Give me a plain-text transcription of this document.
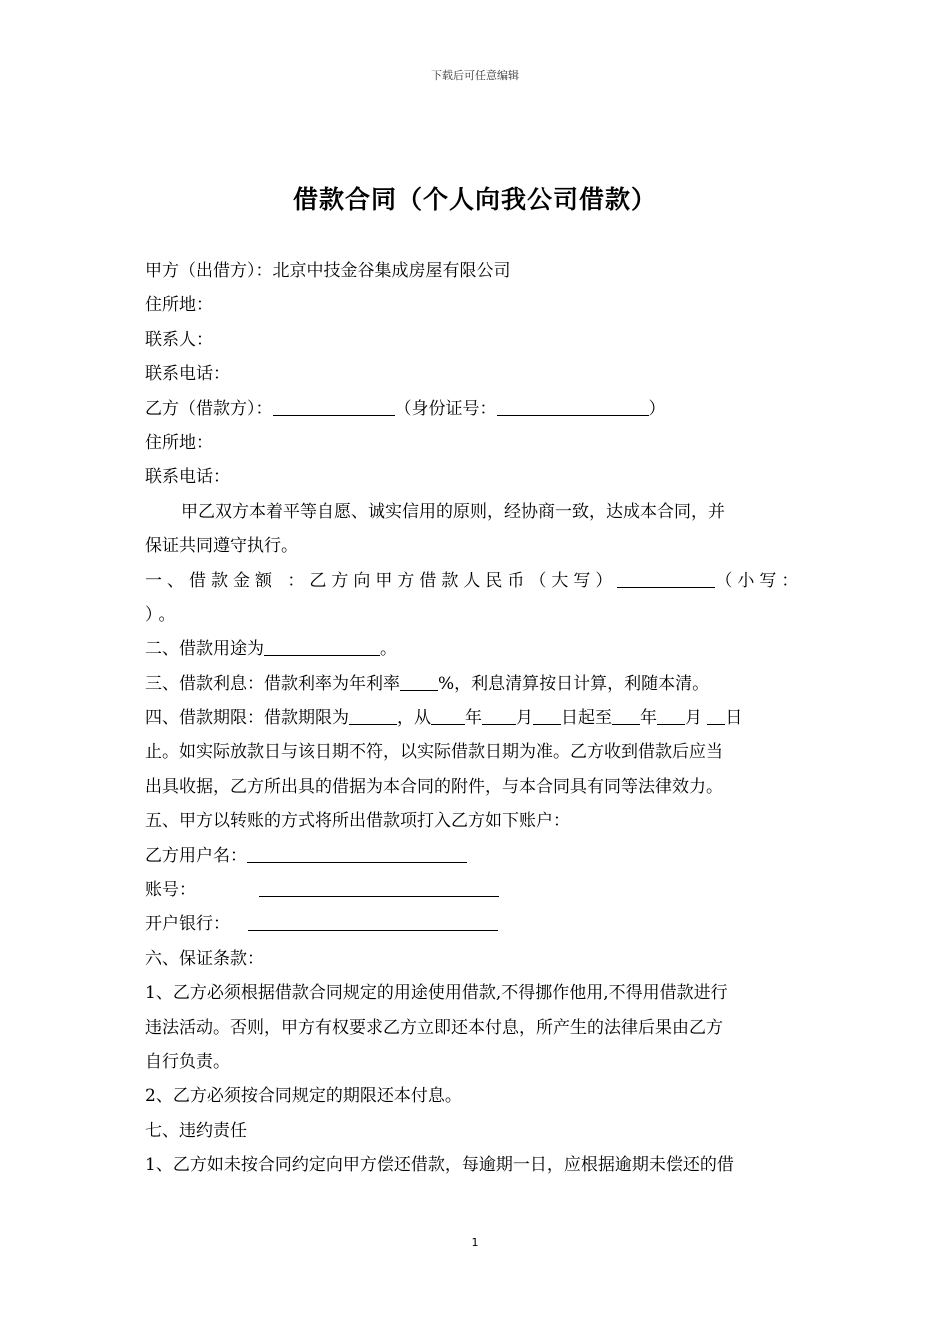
下载后可任意编辑
借款合同（个人向我公司借款）
甲方（出借方）：北京中技金谷集成房屋有限公司
住所地：
联系人：
联系电话：
乙方（借款方）：	（身份证号：	）
住所地：
联系电话：
甲乙双方本着平等自愿、诚实信用的原则，经协商一致，达成本合同，并
保证共同遵守执行。
一、借款金额 ：乙方向甲方借款人民币（大写）	（小写：
）。
二、借款用途为	。
三、借款利息：借款利率为年利率 %，利息清算按日计算，利随本清。
四、借款期限：借款期限为	，从 年 月 日起至 年 月 日
止。如实际放款日与该日期不符，以实际借款日期为准。乙方收到借款后应当
出具收据，乙方所出具的借据为本合同的附件，与本合同具有同等法律效力。
五、甲方以转账的方式将所出借款项打入乙方如下账户：
乙方用户名：
账号：
开户银行：
六、保证条款：
1、乙方必须根据借款合同规定的用途使用借款,不得挪作他用,不得用借款进行
违法活动。否则，甲方有权要求乙方立即还本付息，所产生的法律后果由乙方
自行负责。
2、乙方必须按合同规定的期限还本付息。
七、违约责任
1、乙方如未按合同约定向甲方偿还借款，每逾期一日，应根据逾期未偿还的借
1
